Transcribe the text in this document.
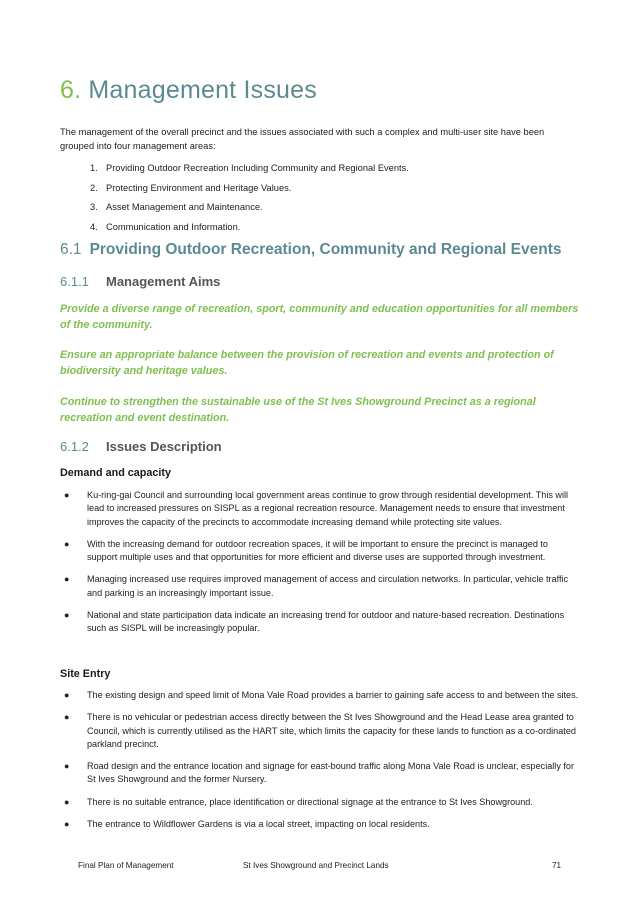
6. Management Issues

The management of the overall precinct and the issues associated with such a complex and multi-user site have been grouped into four management areas:

1. Providing Outdoor Recreation Including Community and Regional Events.
2. Protecting Environment and Heritage Values.
3. Asset Management and Maintenance.
4. Communication and Information.
6.1 Providing Outdoor Recreation, Community and Regional Events
6.1.1 Management Aims

Provide a diverse range of recreation, sport, community and education opportunities for all members of the community.

Ensure an appropriate balance between the provision of recreation and events and protection of biodiversity and heritage values.

Continue to strengthen the sustainable use of the St Ives Showground Precinct as a regional recreation and event destination.

6.1.2 Issues Description
Demand and capacity
● Ku-ring-gai Council and surrounding local government areas continue to grow through residential development. This will lead to increased pressures on SISPL as a regional recreation resource. Management needs to ensure that investment improves the capacity of the precincts to accommodate increasing demand while protecting site values.
● With the increasing demand for outdoor recreation spaces, it will be important to ensure the precinct is managed to support multiple uses and that opportunities for more efficient and diverse uses are supported through investment.
● Managing increased use requires improved management of access and circulation networks. In particular, vehicle traffic and parking is an increasingly important issue.
● National and state participation data indicate an increasing trend for outdoor and nature-based recreation. Destinations such as SISPL will be increasingly popular.
Site Entry
● The existing design and speed limit of Mona Vale Road provides a barrier to gaining safe access to and between the sites.
● There is no vehicular or pedestrian access directly between the St Ives Showground and the Head Lease area granted to Council, which is currently utilised as the HART site, which limits the capacity for these lands to function as a co-ordinated parkland precinct.
● Road design and the entrance location and signage for east-bound traffic along Mona Vale Road is unclear, especially for St Ives Showground and the former Nursery.
● There is no suitable entrance, place identification or directional signage at the entrance to St Ives Showground.
● The entrance to Wildflower Gardens is via a local street, impacting on local residents.
Final Plan of Management	St Ives Showground and Precinct Lands	71
